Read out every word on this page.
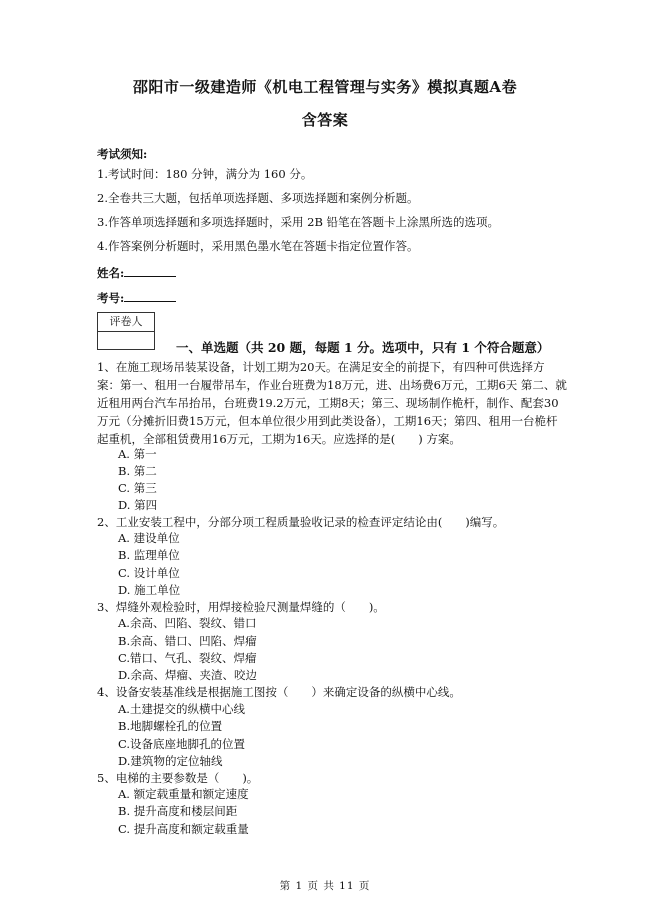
邵阳市一级建造师《机电工程管理与实务》模拟真题A卷
含答案
考试须知:
1.考试时间：180 分钟，满分为 160 分。
2.全卷共三大题，包括单项选择题、多项选择题和案例分析题。
3.作答单项选择题和多项选择题时，采用 2B 铅笔在答题卡上涂黑所选的选项。
4.作答案例分析题时，采用黑色墨水笔在答题卡指定位置作答。
姓名:
考号:
评卷人
一、单选题（共 20 题，每题 1 分。选项中，只有 1 个符合题意）
1、在施工现场吊装某设备，计划工期为20天。在满足安全的前提下，有四种可供选择方案：第一、租用一台履带吊车，作业台班费为18万元，进、出场费6万元，工期6天 第二、就近租用两台汽车吊抬吊，台班费19.2万元，工期8天；第三、现场制作桅杆，制作、配套30万元（分摊折旧费15万元，但本单位很少用到此类设备），工期16天；第四、租用一台桅杆起重机，全部租赁费用16万元，工期为16天。应选择的是(　　) 方案。
A. 第一
B. 第二
C. 第三
D. 第四
2、工业安装工程中，分部分项工程质量验收记录的检查评定结论由(　　)编写。
A. 建设单位
B. 监理单位
C. 设计单位
D. 施工单位
3、焊缝外观检验时，用焊接检验尺测量焊缝的（　　)。
A.余高、凹陷、裂纹、错口
B.余高、错口、凹陷、焊瘤
C.错口、气孔、裂纹、焊瘤
D.余高、焊瘤、夹渣、咬边
4、设备安装基准线是根据施工图按（　　）来确定设备的纵横中心线。
A.土建提交的纵横中心线
B.地脚螺栓孔的位置
C.设备底座地脚孔的位置
D.建筑物的定位轴线
5、电梯的主要参数是（　　)。
A. 额定载重量和额定速度
B. 提升高度和楼层间距
C. 提升高度和额定载重量
第 1 页 共 11 页
